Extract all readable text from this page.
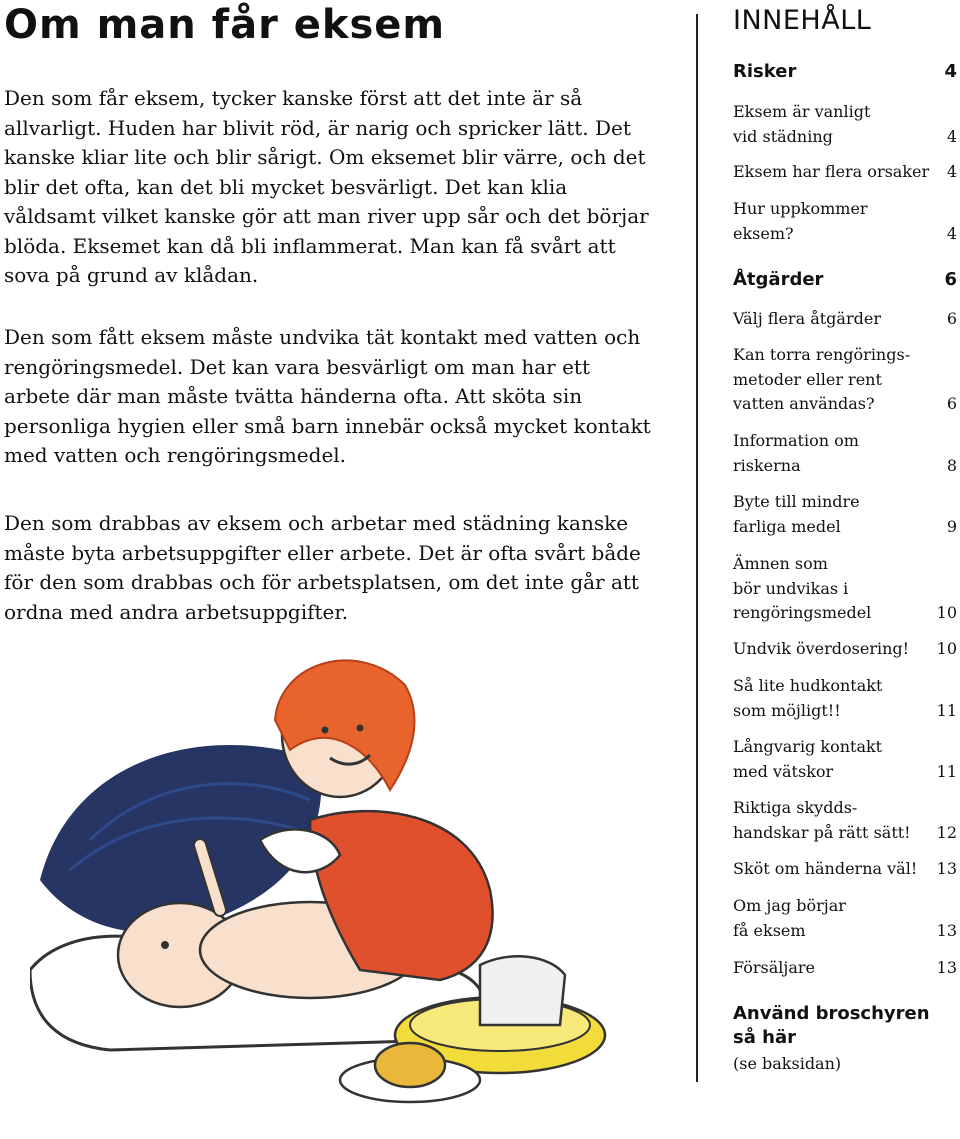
Om man får eksem

Den som får eksem, tycker kanske först att det inte är så allvarligt. Huden har blivit röd, är narig och spricker lätt. Det kanske kliar lite och blir sårigt. Om eksemet blir värre, och det blir det ofta, kan det bli mycket besvärligt. Det kan klia våldsamt vilket kanske gör att man river upp sår och det börjar blöda. Eksemet kan då bli inflammerat. Man kan få svårt att sova på grund av klådan.

Den som fått eksem måste undvika tät kontakt med vatten och rengöringsmedel. Det kan vara besvärligt om man har ett arbete där man måste tvätta händerna ofta. Att sköta sin personliga hygien eller små barn innebär också mycket kontakt med vatten och rengöringsmedel.

Den som drabbas av eksem och arbetar med städning kanske måste byta arbetsuppgifter eller arbete. Det är ofta svårt både för den som drabbas och för arbetsplatsen, om det inte går att ordna med andra arbetsuppgifter.

INNEHÅLL
Risker	4
Eksem är vanligt
vid städning	4
Eksem har flera orsaker 4
Hur uppkommer
eksem?	4
Åtgärder	6
Välj flera åtgärder	6
Kan torra rengörings-
metoder eller rent
vatten användas?	6
Information om
riskerna	8
Byte till mindre
farliga medel	9
Ämnen som
bör undvikas i
rengöringsmedel	10
Undvik överdosering! 10
Så lite hudkontakt
som möjligt!!	11
Långvarig kontakt
med vätskor	11
Riktiga skydds-
handskar på rätt sätt! 12
Sköt om händerna väl! 13
Om jag börjar
få eksem	13
Försäljare	13
Använd broschyren så här
(se baksidan)
